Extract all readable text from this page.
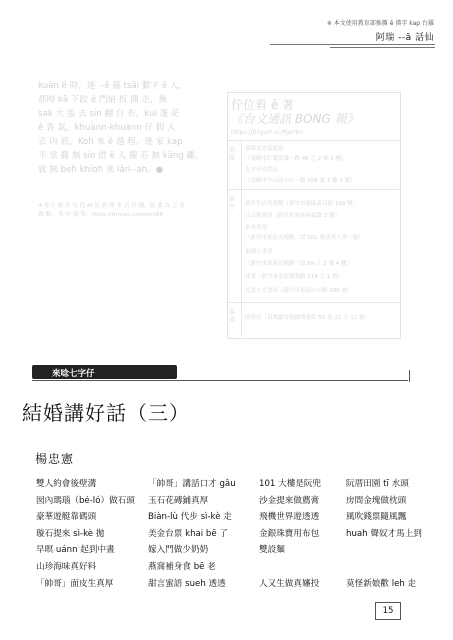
※ 本文使用教育部推薦 ê 漢字 kap 台羅
阿瑞 --ā 話仙
kuān ê 時，逐 --ê 攏 tsâi 數字 ê 人，
那時 kā 下跤 ê 門扇 扳 開 走，換
sak 大 張 去 sin 翻 白 布，kui 蓬 花
ê 香 氣。khuànn-khuànn 仔 假 人
去 內 底。Koh 來 ê 過 程，逐 家 kap
平 常 攏 無 sio 借 ê 人 攏 若 無 kâng 離，
就 無 beh khioh 來 lân--ah。●
※ 原文 題 名 為 他 ēt 是 拆 開 來 看 好 錢，遐 蕭 為 之 善
戲 劇。 單 位 讀 單：https://tinyurl.com/nnn66
佇位看 ē 著
《台文通訊 BONG 報》
https://tinyurl.cc/PjaVbn
基隆
基隆文史協進會
（基隆市仁愛區第一路 46 之 2 號 1 樓）
太平青鳥書局
（基隆市中山區中山一路 358 號 3 樓 3 號）
新竹	新竹生活美學館（新竹市東區武昌街 109 號）
江山藝改所（新竹市東區和福路 3 號）
水木書苑
（新竹市東區光復路二段 101 號清華大學一樓）
東園小書房
（新竹市東區民權路一段 89 之 2 號 4 樓）
或者（新竹市北區勝利路 119 之 1 號）
瓦當人文書屋（新竹市東區中山路 186 號）
苗栗	照世鳥（苗栗縣竹南鎮博愛街 55 巷 22 之 12 號）
來唸七字仔
結婚講好話（三）
楊忠憲
雙人約會後壁溝
囡內瑪瑙（bé-ló）做石頭
豪華遊艇靠碼頭
璇石提來 sì-kè 拋
早暝 uánn 起到中晝
山珍海味真好料
「帥哥」面皮生真厚
「帥哥」講話口才 gâu
玉石花磚鋪真厚
Biàn-lù 代步 sì-kè 走
美金台票 khai bē 了
嫁入門做少奶奶
燕窩補身食 bē 老
甜言蜜語 sueh 透透
101 大樓是阮兜
沙金提來做薦膏
飛機世界遊透透
金銀珠寶用布包
雙設麵

人又生做真嬸投
阮厝田園 tī 水頭
房間金塊做枕頭
風吹錢票隨風飄
huah 聲奴才馬上到

莫怪新娘歡 leh 走
15
